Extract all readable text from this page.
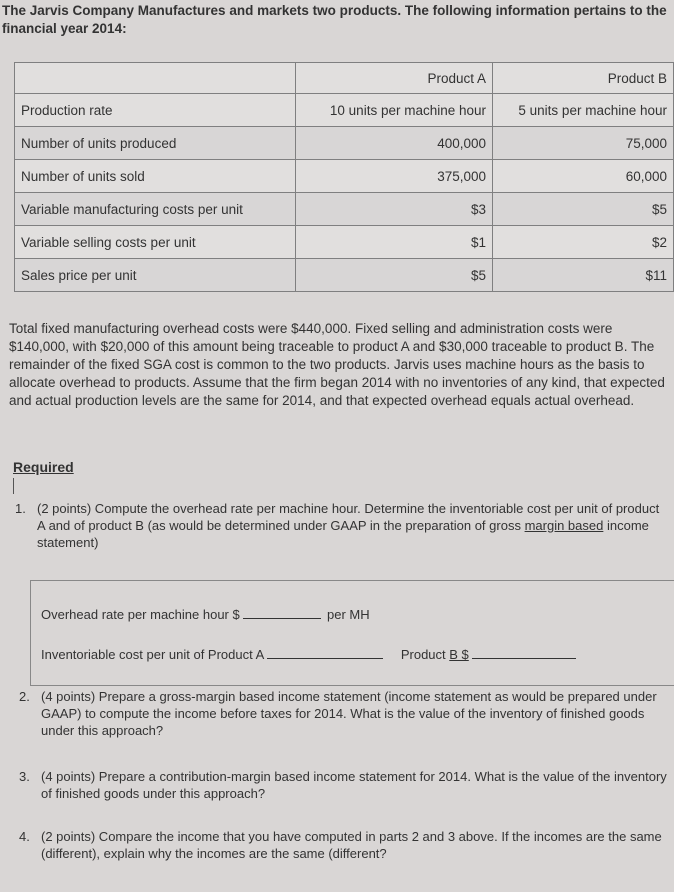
The Jarvis Company Manufactures and markets two products. The following information pertains to the
financial year 2014:
	Product A	Product B
Production rate	10 units per machine hour	5 units per machine hour
Number of units produced	400,000	75,000
Number of units sold	375,000	60,000
Variable manufacturing costs per unit	$3	$5
Variable selling costs per unit	$1	$2
Sales price per unit	$5	$11
Total fixed manufacturing overhead costs were $440,000. Fixed selling and administration costs were $140,000, with $20,000 of this amount being traceable to product A and $30,000 traceable to product B. The remainder of the fixed SGA cost is common to the two products. Jarvis uses machine hours as the basis to allocate overhead to products. Assume that the firm began 2014 with no inventories of any kind, that expected and actual production levels are the same for 2014, and that expected overhead equals actual overhead.
Required
1. (2 points) Compute the overhead rate per machine hour. Determine the inventoriable cost per unit of product A and of product B (as would be determined under GAAP in the preparation of gross margin based income statement)
Overhead rate per machine hour $	per MH
Inventoriable cost per unit of Product A	Product B $
2. (4 points) Prepare a gross-margin based income statement (income statement as would be prepared under GAAP) to compute the income before taxes for 2014. What is the value of the inventory of finished goods under this approach?
3. (4 points) Prepare a contribution-margin based income statement for 2014. What is the value of the inventory of finished goods under this approach?
4. (2 points) Compare the income that you have computed in parts 2 and 3 above. If the incomes are the same (different), explain why the incomes are the same (different?
